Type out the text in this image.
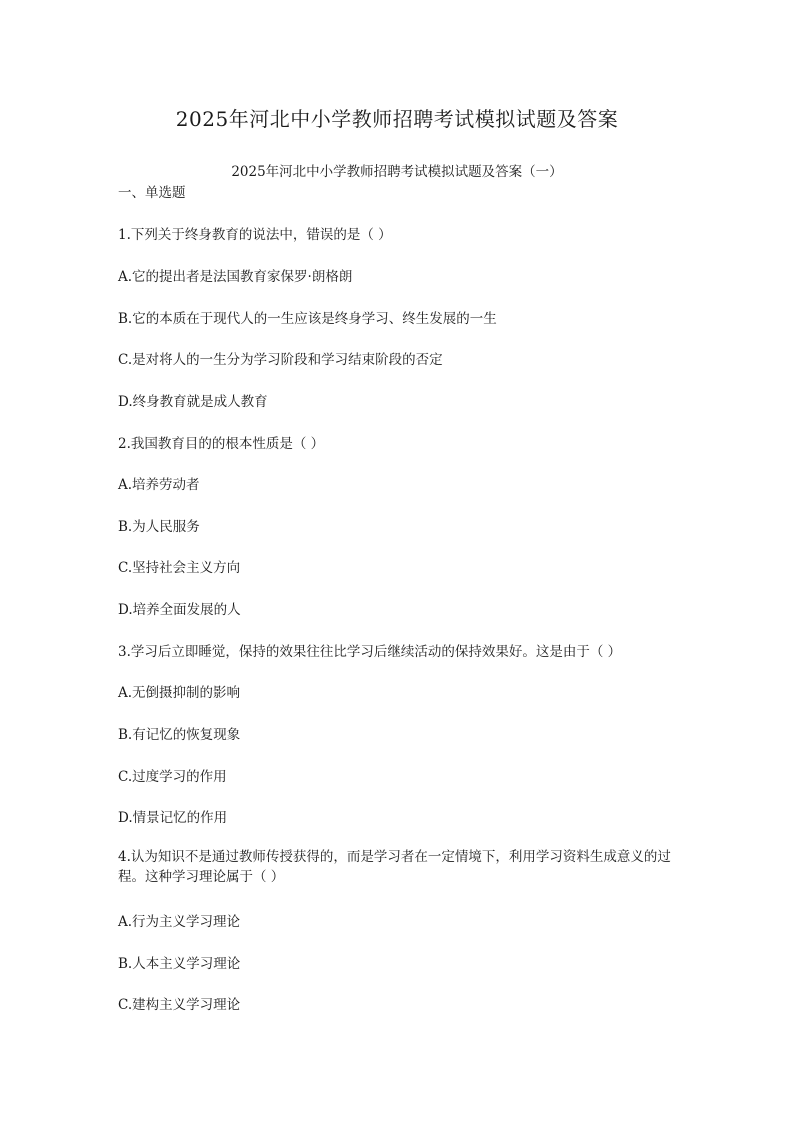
2025年河北中小学教师招聘考试模拟试题及答案
2025年河北中小学教师招聘考试模拟试题及答案（一）
一、单选题

1.下列关于终身教育的说法中，错误的是（ ）

A.它的提出者是法国教育家保罗·朗格朗

B.它的本质在于现代人的一生应该是终身学习、终生发展的一生

C.是对将人的一生分为学习阶段和学习结束阶段的否定

D.终身教育就是成人教育

2.我国教育目的的根本性质是（ ）

A.培养劳动者

B.为人民服务

C.坚持社会主义方向

D.培养全面发展的人

3.学习后立即睡觉，保持的效果往往比学习后继续活动的保持效果好。这是由于（ ）

A.无倒摄抑制的影响

B.有记忆的恢复现象

C.过度学习的作用

D.情景记忆的作用

4.认为知识不是通过教师传授获得的，而是学习者在一定情境下，利用学习资料生成意义的过程。这种学习理论属于（ ）

A.行为主义学习理论

B.人本主义学习理论

C.建构主义学习理论
